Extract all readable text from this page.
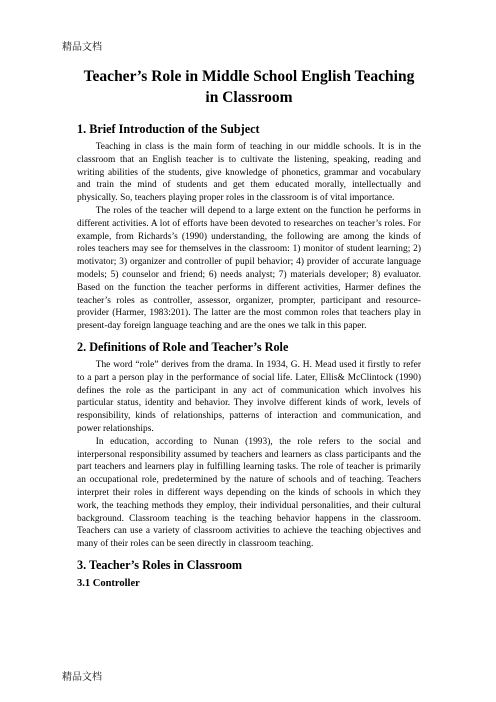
精品文档
Teacher’s Role in Middle School English Teaching
in Classroom
1. Brief Introduction of the Subject

Teaching in class is the main form of teaching in our middle schools. It is in the classroom that an English teacher is to cultivate the listening, speaking, reading and writing abilities of the students, give knowledge of phonetics, grammar and vocabulary and train the mind of students and get them educated morally, intellectually and physically. So, teachers playing proper roles in the classroom is of vital importance.

The roles of the teacher will depend to a large extent on the function he performs in different activities. A lot of efforts have been devoted to researches on teacher’s roles. For example, from Richards’s (1990) understanding, the following are among the kinds of roles teachers may see for themselves in the classroom: 1) monitor of student learning; 2) motivator; 3) organizer and controller of pupil behavior; 4) provider of accurate language models; 5) counselor and friend; 6) needs analyst; 7) materials developer; 8) evaluator. Based on the function the teacher performs in different activities, Harmer defines the teacher’s roles as controller, assessor, organizer, prompter, participant and resource-provider (Harmer, 1983:201). The latter are the most common roles that teachers play in present-day foreign language teaching and are the ones we talk in this paper.

2. Definitions of Role and Teacher’s Role

The word “role” derives from the drama. In 1934, G. H. Mead used it firstly to refer to a part a person play in the performance of social life. Later, Ellis& McClintock (1990) defines the role as the participant in any act of communication which involves his particular status, identity and behavior. They involve different kinds of work, levels of responsibility, kinds of relationships, patterns of interaction and communication, and power relationships.

In education, according to Nunan (1993), the role refers to the social and interpersonal responsibility assumed by teachers and learners as class participants and the part teachers and learners play in fulfilling learning tasks. The role of teacher is primarily an occupational role, predetermined by the nature of schools and of teaching. Teachers interpret their roles in different ways depending on the kinds of schools in which they work, the teaching methods they employ, their individual personalities, and their cultural background. Classroom teaching is the teaching behavior happens in the classroom. Teachers can use a variety of classroom activities to achieve the teaching objectives and many of their roles can be seen directly in classroom teaching.

3. Teacher’s Roles in Classroom
3.1 Controller
精品文档
